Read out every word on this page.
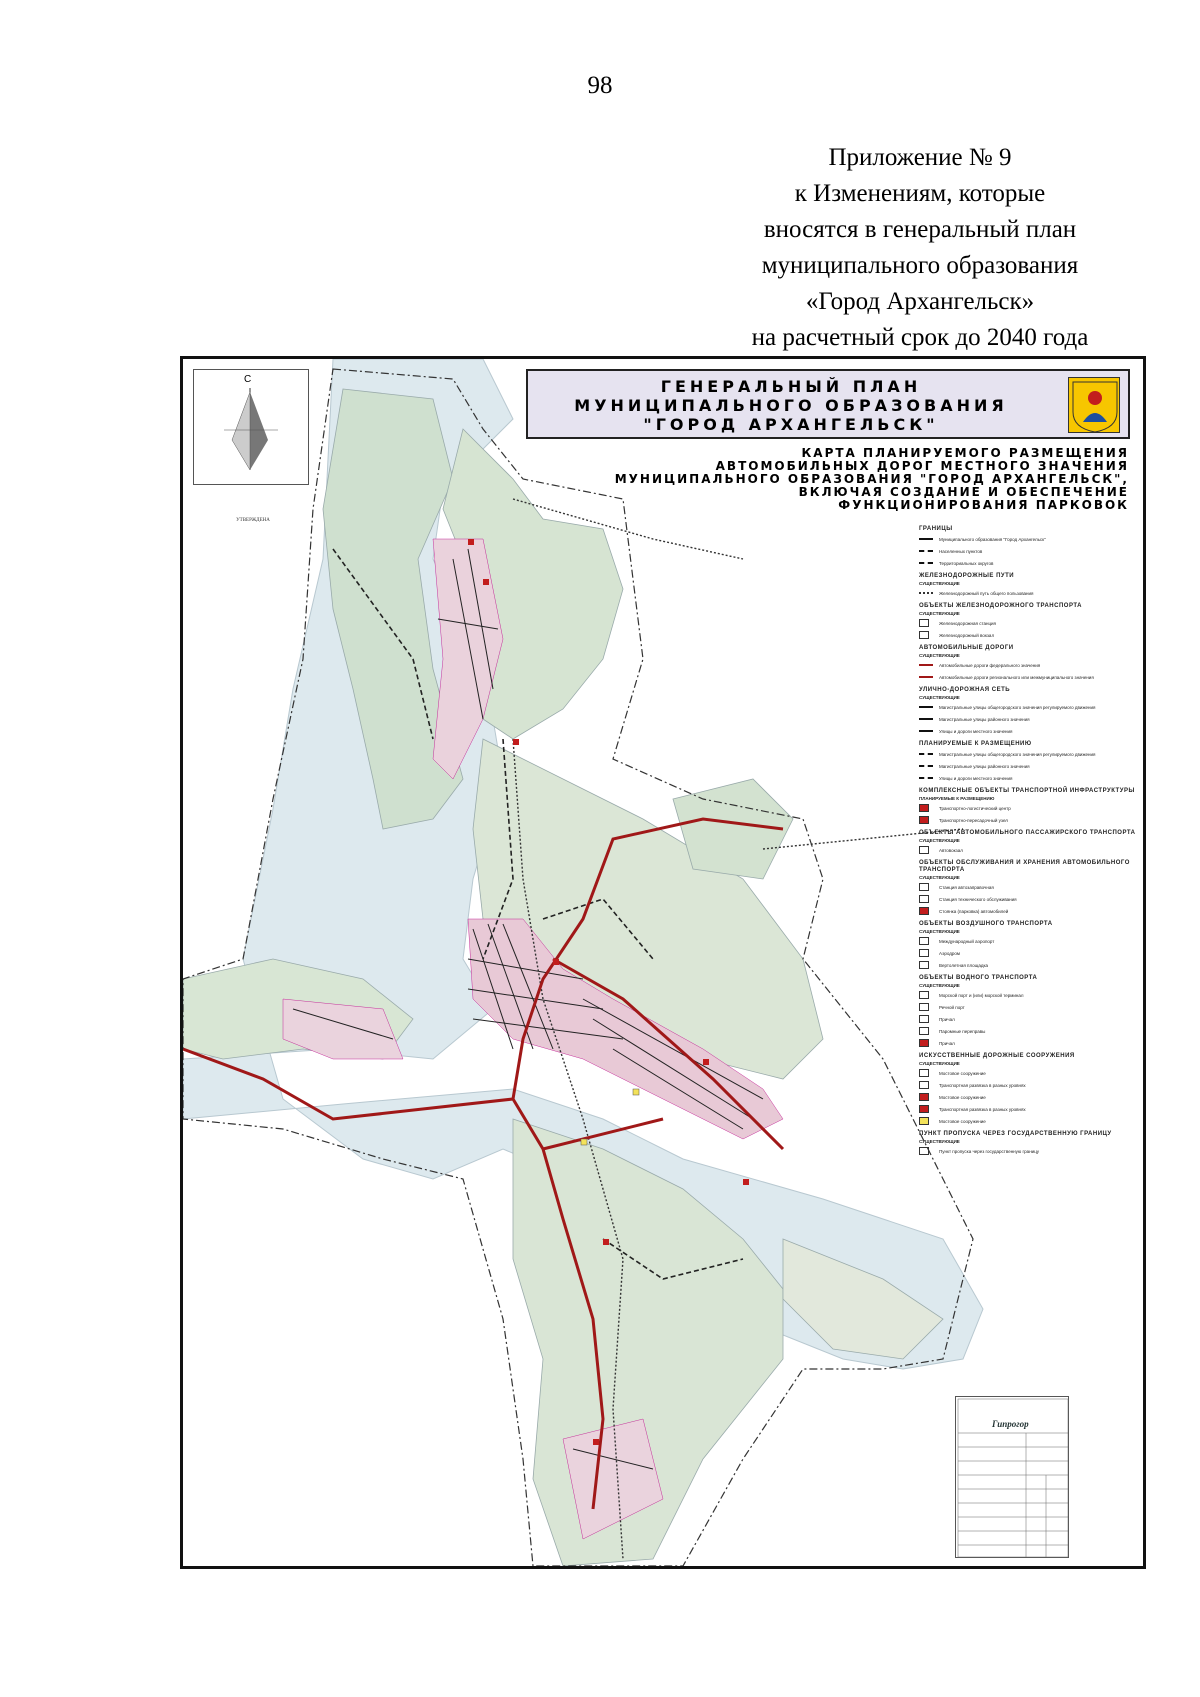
98
Приложение № 9
к Изменениям, которые
вносятся в генеральный план
муниципального образования
«Город Архангельск»
на расчетный срок до 2040 года
С	ГЕНЕРАЛЬНЫЙ ПЛАН
МУНИЦИПАЛЬНОГО ОБРАЗОВАНИЯ
"ГОРОД АРХАНГЕЛЬСК"
КАРТА ПЛАНИРУЕМОГО РАЗМЕЩЕНИЯ
АВТОМОБИЛЬНЫХ ДОРОГ МЕСТНОГО ЗНАЧЕНИЯ
МУНИЦИПАЛЬНОГО ОБРАЗОВАНИЯ "ГОРОД АРХАНГЕЛЬСК",
ВКЛЮЧАЯ СОЗДАНИЕ И ОБЕСПЕЧЕНИЕ
ФУНКЦИОНИРОВАНИЯ ПАРКОВОК
УТВЕРЖДЕНА
ГРАНИЦЫ
Муниципального образования "Город Архангельск"
Населенных пунктов
Территориальных округов
ЖЕЛЕЗНОДОРОЖНЫЕ ПУТИ
СУЩЕСТВУЮЩИЕ
Железнодорожный путь общего пользования
ОБЪЕКТЫ ЖЕЛЕЗНОДОРОЖНОГО ТРАНСПОРТА
СУЩЕСТВУЮЩИЕ
Железнодорожная станция
Железнодорожный вокзал
АВТОМОБИЛЬНЫЕ ДОРОГИ
СУЩЕСТВУЮЩИЕ
Автомобильные дороги федерального значения
Автомобильные дороги регионального или межмуниципального значения
УЛИЧНО-ДОРОЖНАЯ СЕТЬ
СУЩЕСТВУЮЩИЕ
Магистральные улицы общегородского значения регулируемого движения
Магистральные улицы районного значения
Улицы и дороги местного значения
ПЛАНИРУЕМЫЕ К РАЗМЕЩЕНИЮ
Магистральные улицы общегородского значения регулируемого движения
Магистральные улицы районного значения
Улицы и дороги местного значения
КОМПЛЕКСНЫЕ ОБЪЕКТЫ ТРАНСПОРТНОЙ ИНФРАСТРУКТУРЫ
ПЛАНИРУЕМЫЕ К РАЗМЕЩЕНИЮ
Транспортно-логистический центр
Транспортно-пересадочный узел
ОБЪЕКТЫ АВТОМОБИЛЬНОГО ПАССАЖИРСКОГО ТРАНСПОРТА
СУЩЕСТВУЮЩИЕ
Автовокзал
ОБЪЕКТЫ ОБСЛУЖИВАНИЯ И ХРАНЕНИЯ АВТОМОБИЛЬНОГО ТРАНСПОРТА
СУЩЕСТВУЮЩИЕ
Станция автозаправочная
Станция технического обслуживания
Стоянка (парковка) автомобилей
ОБЪЕКТЫ ВОЗДУШНОГО ТРАНСПОРТА
СУЩЕСТВУЮЩИЕ
Международный аэропорт
Аэродром
Вертолетная площадка
ОБЪЕКТЫ ВОДНОГО ТРАНСПОРТА
СУЩЕСТВУЮЩИЕ
Морской порт и (или) морской терминал
Речной порт
Причал
Паромные переправы
Причал
ИСКУССТВЕННЫЕ ДОРОЖНЫЕ СООРУЖЕНИЯ
СУЩЕСТВУЮЩИЕ
Мостовое сооружение
Транспортная развязка в разных уровнях
Мостовое сооружение
Транспортная развязка в разных уровнях
Мостовое сооружение
ПУНКТ ПРОПУСКА ЧЕРЕЗ ГОСУДАРСТВЕННУЮ ГРАНИЦУ
СУЩЕСТВУЮЩИЕ
Пункт пропуска через государственную границу
Гипрогор
